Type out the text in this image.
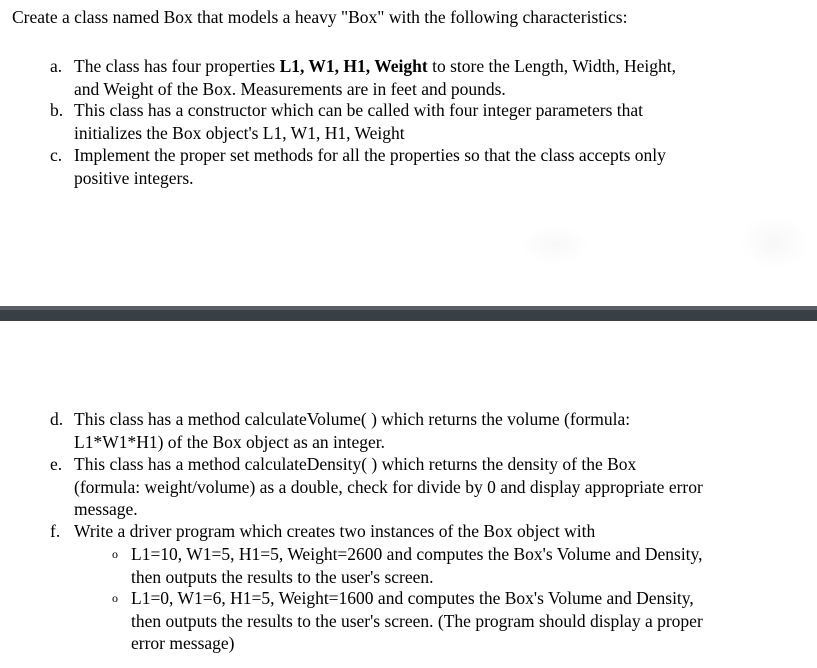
Create a class named Box that models a heavy "Box" with the following characteristics:
a. The class has four properties L1, W1, H1, Weight to store the Length, Width, Height,
and Weight of the Box. Measurements are in feet and pounds.
b. This class has a constructor which can be called with four integer parameters that
initializes the Box object's L1, W1, H1, Weight
c. Implement the proper set methods for all the properties so that the class accepts only
positive integers.
d. This class has a method calculateVolume( ) which returns the volume (formula:
L1*W1*H1) of the Box object as an integer.
e. This class has a method calculateDensity( ) which returns the density of the Box
(formula: weight/volume) as a double, check for divide by 0 and display appropriate error
message.
f. Write a driver program which creates two instances of the Box object with
o L1=10, W1=5, H1=5, Weight=2600 and computes the Box's Volume and Density,
then outputs the results to the user's screen.
o L1=0, W1=6, H1=5, Weight=1600 and computes the Box's Volume and Density,
then outputs the results to the user's screen. (The program should display a proper
error message)
